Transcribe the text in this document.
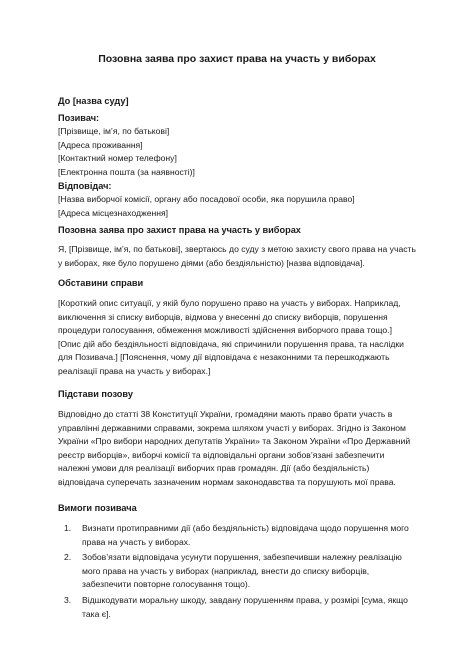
Позовна заява про захист права на участь у виборах
До [назва суду]
Позивач:
[Прізвище, ім’я, по батькові]
[Адреса проживання]
[Контактний номер телефону]
[Електронна пошта (за наявності)]
Відповідач:
[Назва виборчої комісії, органу або посадової особи, яка порушила право]
[Адреса місцезнаходження]
Позовна заява про захист права на участь у виборах
Я, [Прізвище, ім’я, по батькові], звертаюсь до суду з метою захисту свого права на участь у виборах, яке було порушено діями (або бездіяльністю) [назва відповідача].
Обставини справи
[Короткий опис ситуації, у якій було порушено право на участь у виборах. Наприклад, виключення зі списку виборців, відмова у внесенні до списку виборців, порушення процедури голосування, обмеження можливості здійснення виборчого права тощо.] [Опис дій або бездіяльності відповідача, які спричинили порушення права, та наслідки для Позивача.] [Пояснення, чому дії відповідача є незаконними та перешкоджають реалізації права на участь у виборах.]
Підстави позову
Відповідно до статті 38 Конституції України, громадяни мають право брати участь в управлінні державними справами, зокрема шляхом участі у виборах. Згідно із Законом України «Про вибори народних депутатів України» та Законом України «Про Державний реєстр виборців», виборчі комісії та відповідальні органи зобов’язані забезпечити належні умови для реалізації виборчих прав громадян. Дії (або бездіяльність) відповідача суперечать зазначеним нормам законодавства та порушують мої права.
Вимоги позивача
1. Визнати протиправними дії (або бездіяльність) відповідача щодо порушення мого права на участь у виборах.
2. Зобов’язати відповідача усунути порушення, забезпечивши належну реалізацію мого права на участь у виборах (наприклад, внести до списку виборців, забезпечити повторне голосування тощо).
3. Відшкодувати моральну шкоду, завдану порушенням права, у розмірі [сума, якщо така є].
